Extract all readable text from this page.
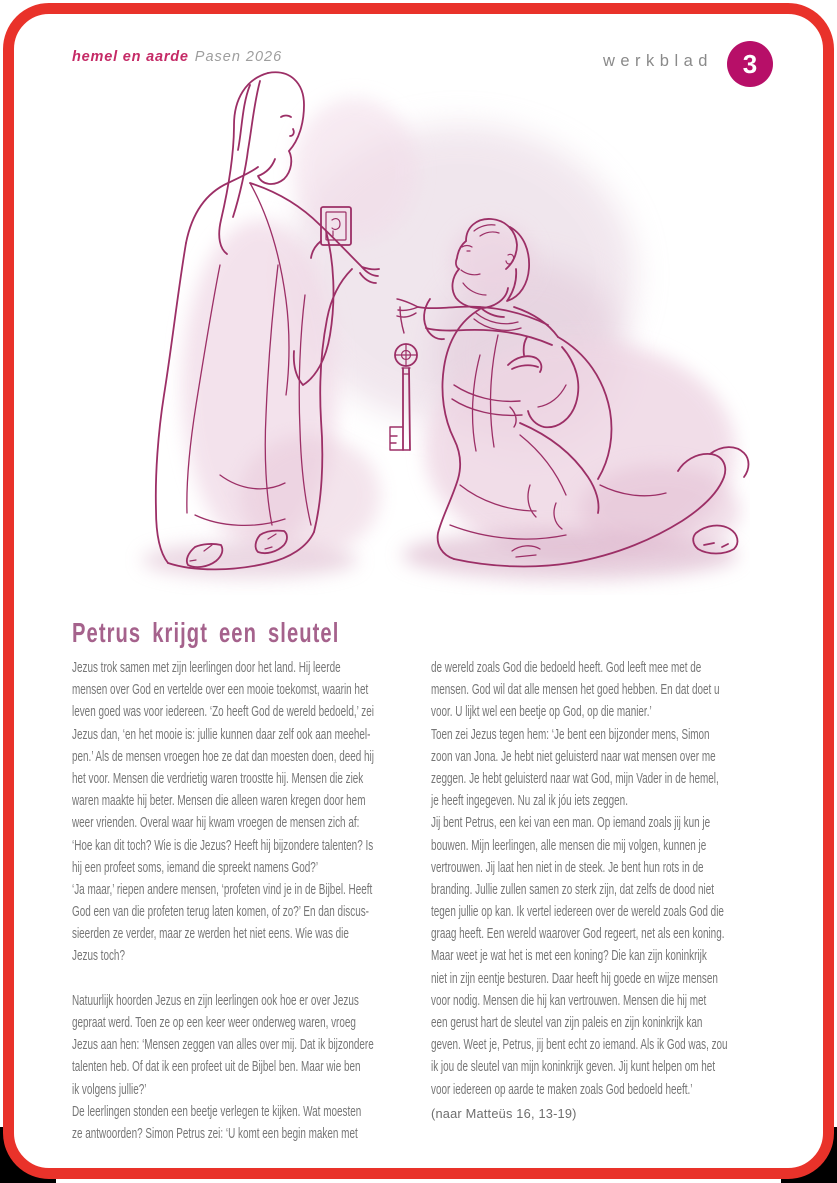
hemel en aarde Pasen 2026	werkblad	3
Petrus krijgt een sleutel
Jezus trok samen met zijn leerlingen door het land. Hij leerde
mensen over God en vertelde over een mooie toekomst, waarin het
leven goed was voor iedereen. ‘Zo heeft God de wereld bedoeld,’ zei
Jezus dan, ‘en het mooie is: jullie kunnen daar zelf ook aan meehel-
pen.’ Als de mensen vroegen hoe ze dat dan moesten doen, deed hij
het voor. Mensen die verdrietig waren troostte hij. Mensen die ziek
waren maakte hij beter. Mensen die alleen waren kregen door hem
weer vrienden. Overal waar hij kwam vroegen de mensen zich af:
‘Hoe kan dit toch? Wie is die Jezus? Heeft hij bijzondere talenten? Is
hij een profeet soms, iemand die spreekt namens God?’
‘Ja maar,’ riepen andere mensen, ‘profeten vind je in de Bijbel. Heeft
God een van die profeten terug laten komen, of zo?’ En dan discus-
sieerden ze verder, maar ze werden het niet eens. Wie was die
Jezus toch?

Natuurlijk hoorden Jezus en zijn leerlingen ook hoe er over Jezus
gepraat werd. Toen ze op een keer weer onderweg waren, vroeg
Jezus aan hen: ‘Mensen zeggen van alles over mij. Dat ik bijzondere
talenten heb. Of dat ik een profeet uit de Bijbel ben. Maar wie ben
ik volgens jullie?’
De leerlingen stonden een beetje verlegen te kijken. Wat moesten
ze antwoorden? Simon Petrus zei: ‘U komt een begin maken met
de wereld zoals God die bedoeld heeft. God leeft mee met de
mensen. God wil dat alle mensen het goed hebben. En dat doet u
voor. U lijkt wel een beetje op God, op die manier.’
Toen zei Jezus tegen hem: ‘Je bent een bijzonder mens, Simon
zoon van Jona. Je hebt niet geluisterd naar wat mensen over me
zeggen. Je hebt geluisterd naar wat God, mijn Vader in de hemel,
je heeft ingegeven. Nu zal ik jóu iets zeggen.
Jij bent Petrus, een kei van een man. Op iemand zoals jij kun je
bouwen. Mijn leerlingen, alle mensen die mij volgen, kunnen je
vertrouwen. Jij laat hen niet in de steek. Je bent hun rots in de
branding. Jullie zullen samen zo sterk zijn, dat zelfs de dood niet
tegen jullie op kan. Ik vertel iedereen over de wereld zoals God die
graag heeft. Een wereld waarover God regeert, net als een koning.
Maar weet je wat het is met een koning? Die kan zijn koninkrijk
niet in zijn eentje besturen. Daar heeft hij goede en wijze mensen
voor nodig. Mensen die hij kan vertrouwen. Mensen die hij met
een gerust hart de sleutel van zijn paleis en zijn koninkrijk kan
geven. Weet je, Petrus, jij bent echt zo iemand. Als ik God was, zou
ik jou de sleutel van mijn koninkrijk geven. Jij kunt helpen om het
voor iedereen op aarde te maken zoals God bedoeld heeft.’
(naar Matteüs 16, 13-19)
